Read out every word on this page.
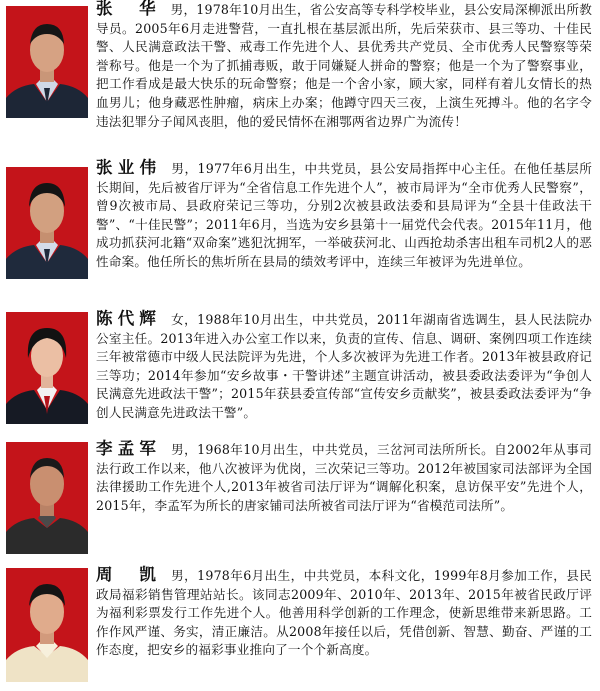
张　华 男，1978年10月出生，省公安高等专科学校毕业，县公安局深柳派出所教导员。2005年6月走进警营，一直扎根在基层派出所，先后荣获市、县三等功、十佳民警、人民满意政法干警、戒毒工作先进个人、县优秀共产党员、全市优秀人民警察等荣誉称号。他是一个为了抓捕毒贩，敢于同嫌疑人拼命的警察；他是一个为了警察事业，把工作看成是最大快乐的玩命警察；他是一个舍小家，顾大家，同样有着儿女情长的热血男儿；他身藏恶性肿瘤，病床上办案；他蹲守四天三夜，上演生死搏斗。他的名字令违法犯罪分子闻风丧胆，他的爱民情怀在湘鄂两省边界广为流传！
张业伟 男，1977年6月出生，中共党员，县公安局指挥中心主任。在他任基层所长期间，先后被省厅评为“全省信息工作先进个人”，被市局评为“全市优秀人民警察”，曾9次被市局、县政府荣记三等功，分别2次被县政法委和县局评为“全县十佳政法干警”、“十佳民警”；2011年6月，当选为安乡县第十一届党代会代表。2015年11月，他成功抓获河北籍“双命案”逃犯沈拥军，一举破获河北、山西抢劫杀害出租车司机2人的恶性命案。他任所长的焦圻所在县局的绩效考评中，连续三年被评为先进单位。
陈代辉 女，1988年10月出生，中共党员，2011年湖南省选调生，县人民法院办公室主任。2013年进入办公室工作以来，负责的宣传、信息、调研、案例四项工作连续三年被常德市中级人民法院评为先进，个人多次被评为先进工作者。2013年被县政府记三等功；2014年参加“安乡故事・干警讲述”主题宣讲活动，被县委政法委评为“争创人民满意先进政法干警”；2015年获县委宣传部“宣传安乡贡献奖”，被县委政法委评为“争创人民满意先进政法干警”。
李孟军 男，1968年10月出生，中共党员，三岔河司法所所长。自2002年从事司法行政工作以来，他八次被评为优岗，三次荣记三等功。2012年被国家司法部评为全国法律援助工作先进个人,2013年被省司法厅评为“调解化积案，息访保平安”先进个人，2015年，李孟军为所长的唐家铺司法所被省司法厅评为“省模范司法所”。
周　凯 男，1978年6月出生，中共党员，本科文化，1999年8月参加工作，县民政局福彩销售管理站站长。该同志2009年、2010年、2013年、2015年被省民政厅评为福利彩票发行工作先进个人。他善用科学创新的工作理念，使新思维带来新思路。工作作风严谨、务实，清正廉洁。从2008年接任以后，凭借创新、智慧、勤奋、严谨的工作态度，把安乡的福彩事业推向了一个个新高度。
